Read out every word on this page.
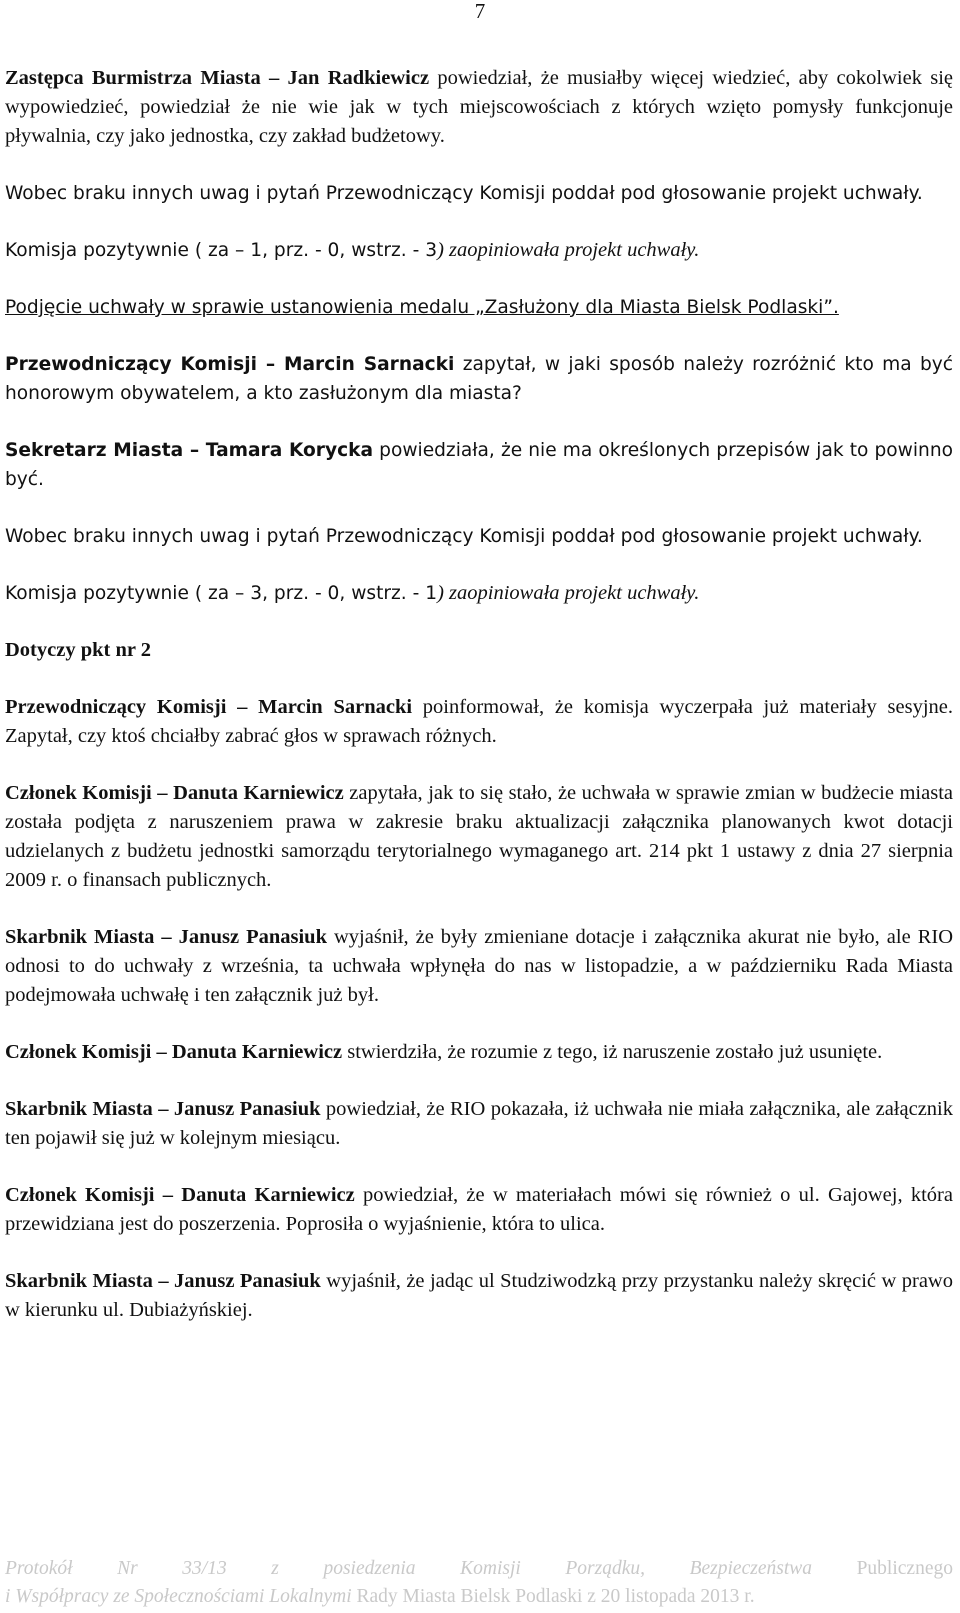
7

Zastępca Burmistrza Miasta – Jan Radkiewicz powiedział, że musiałby więcej wiedzieć, aby cokolwiek się wypowiedzieć, powiedział że nie wie jak w tych miejscowościach z których wzięto pomysły funkcjonuje pływalnia, czy jako jednostka, czy zakład budżetowy.

Wobec braku innych uwag i pytań Przewodniczący Komisji poddał pod głosowanie projekt uchwały.

Komisja pozytywnie ( za – 1, prz. - 0, wstrz. - 3) zaopiniowała projekt uchwały.

Podjęcie uchwały w sprawie ustanowienia medalu „Zasłużony dla Miasta Bielsk Podlaski”.

Przewodniczący Komisji – Marcin Sarnacki zapytał, w jaki sposób należy rozróżnić kto ma być honorowym obywatelem, a kto zasłużonym dla miasta?

Sekretarz Miasta – Tamara Korycka powiedziała, że nie ma określonych przepisów jak to powinno być.

Wobec braku innych uwag i pytań Przewodniczący Komisji poddał pod głosowanie projekt uchwały.

Komisja pozytywnie ( za – 3, prz. - 0, wstrz. - 1) zaopiniowała projekt uchwały.

Dotyczy pkt nr 2

Przewodniczący Komisji – Marcin Sarnacki poinformował, że komisja wyczerpała już materiały sesyjne. Zapytał, czy ktoś chciałby zabrać głos w sprawach różnych.

Członek Komisji – Danuta Karniewicz zapytała, jak to się stało, że uchwała w sprawie zmian w budżecie miasta została podjęta z naruszeniem prawa w zakresie braku aktualizacji załącznika planowanych kwot dotacji udzielanych z budżetu jednostki samorządu terytorialnego wymaganego art. 214 pkt 1 ustawy z dnia 27 sierpnia 2009 r. o finansach publicznych.

Skarbnik Miasta – Janusz Panasiuk wyjaśnił, że były zmieniane dotacje i załącznika akurat nie było, ale RIO odnosi to do uchwały z września, ta uchwała wpłynęła do nas w listopadzie, a w październiku Rada Miasta podejmowała uchwałę i ten załącznik już był.

Członek Komisji – Danuta Karniewicz stwierdziła, że rozumie z tego, iż naruszenie zostało już usunięte.

Skarbnik Miasta – Janusz Panasiuk powiedział, że RIO pokazała, iż uchwała nie miała załącznika, ale załącznik ten pojawił się już w kolejnym miesiącu.

Członek Komisji – Danuta Karniewicz powiedział, że w materiałach mówi się również o ul. Gajowej, która przewidziana jest do poszerzenia. Poprosiła o wyjaśnienie, która to ulica.

Skarbnik Miasta – Janusz Panasiuk wyjaśnił, że jadąc ul Studziwodzką przy przystanku należy skręcić w prawo w kierunku ul. Dubiażyńskiej.

Protokół Nr 33/13 z posiedzenia Komisji Porządku, Bezpieczeństwa Publicznego
i Współpracy ze Społecznościami Lokalnymi Rady Miasta Bielsk Podlaski z 20 listopada 2013 r.
